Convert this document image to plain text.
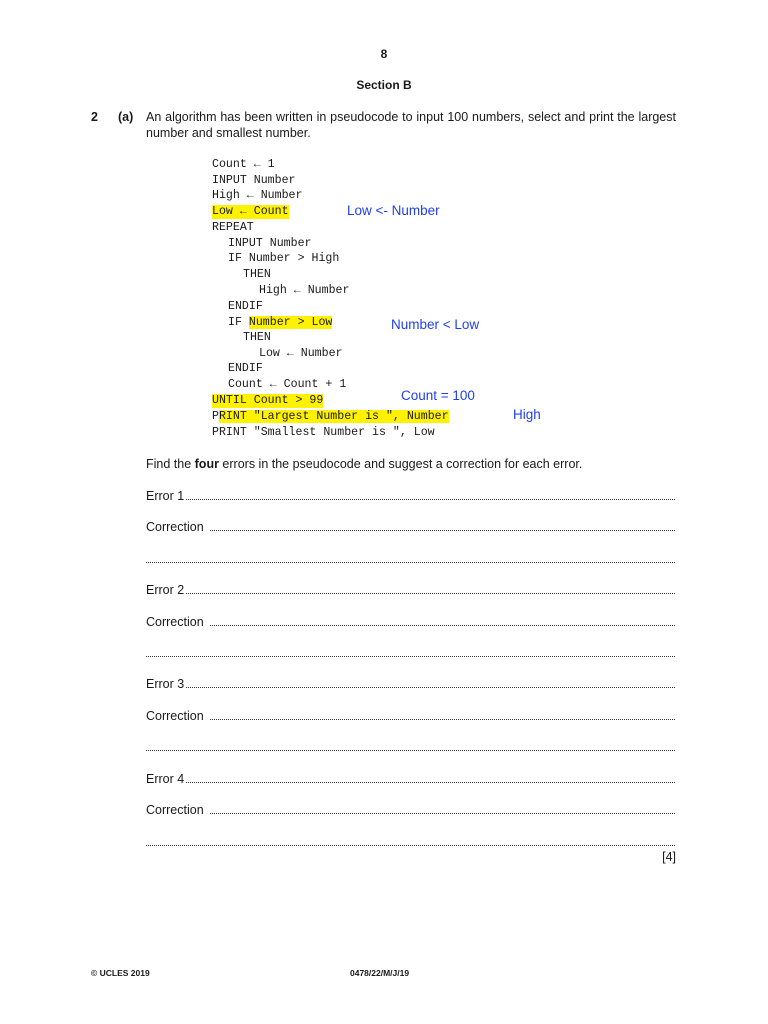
8
Section B
2 (a) An algorithm has been written in pseudocode to input 100 numbers, select and print the largest number and smallest number.
Count ← 1
INPUT Number
High ← Number
Low ← Count
REPEAT
INPUT Number
IF Number > High
THEN
High ← Number
ENDIF
IF Number > Low
THEN
Low ← Number
ENDIF
Count ← Count + 1
UNTIL Count > 99
PRINT "Largest Number is ", Number
PRINT "Smallest Number is ", Low
Low <- Number
Number < Low
Count = 100
High
Find the four errors in the pseudocode and suggest a correction for each error.
Error 1
Correction
Error 2
Correction
Error 3
Correction
Error 4
Correction
[4]
© UCLES 2019	0478/22/M/J/19
